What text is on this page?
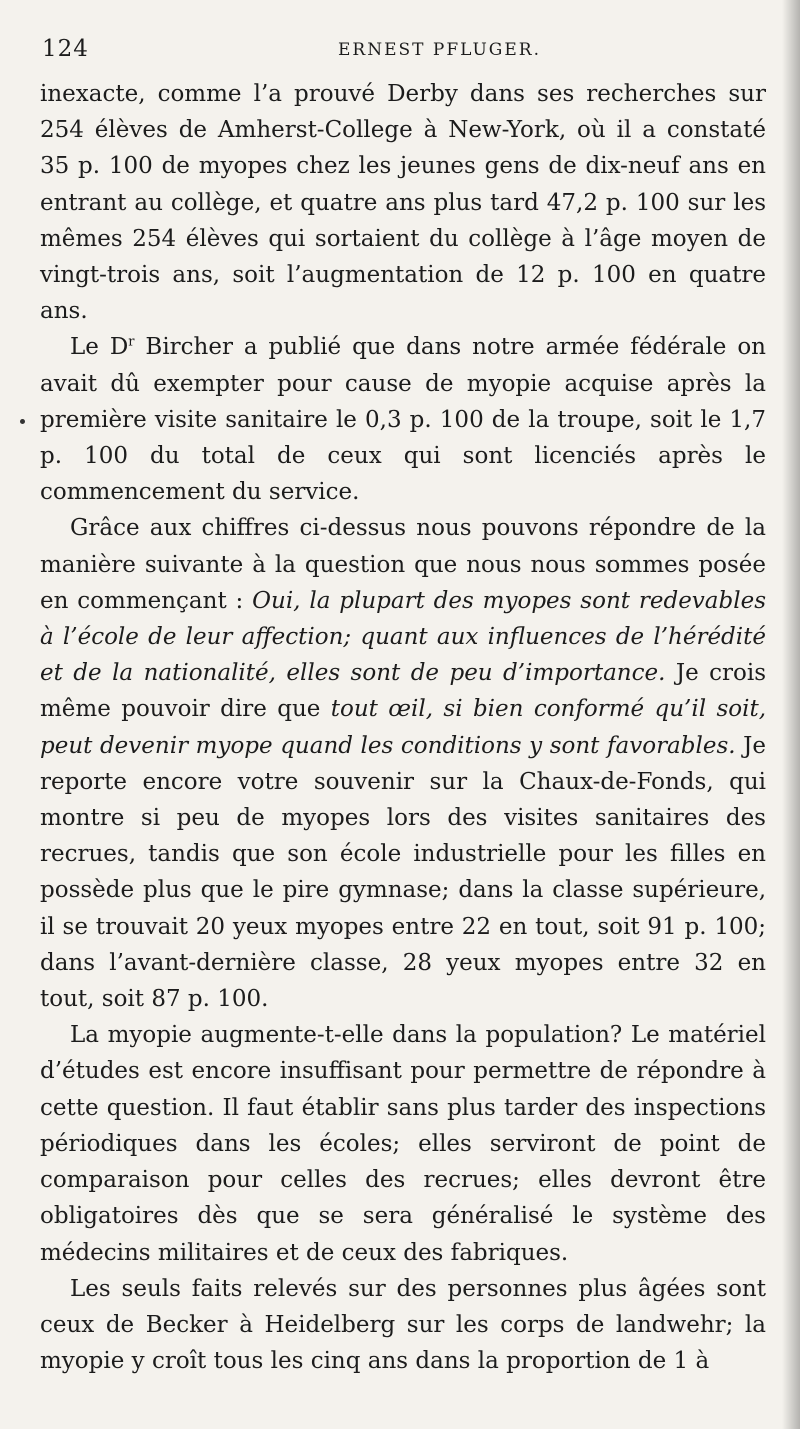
124	ERNEST PFLUGER.

inexacte, comme l’a prouvé Derby dans ses recherches sur 254 élèves de Amherst-College à New-York, où il a constaté 35 p. 100 de myopes chez les jeunes gens de dix-neuf ans en entrant au collège, et quatre ans plus tard 47,2 p. 100 sur les mêmes 254 élèves qui sortaient du collège à l’âge moyen de vingt-trois ans, soit l’augmentation de 12 p. 100 en quatre ans.

Le $D^r$ Bircher a publié que dans notre armée fédérale on avait dû exempter pour cause de myopie acquise après la première visite sanitaire le 0,3 p. 100 de la troupe, soit le 1,7 p. 100 du total de ceux qui sont licenciés après le commencement du service.

Grâce aux chiffres ci-dessus nous pouvons répondre de la manière suivante à la question que nous nous sommes posée en commençant : Oui, la plupart des myopes sont redevables à l’école de leur affection; quant aux influences de l’hérédité et de la nationalité, elles sont de peu d’importance. Je crois même pouvoir dire que tout œil, si bien conformé qu’il soit, peut devenir myope quand les conditions y sont favorables. Je reporte encore votre souvenir sur la Chaux-de-Fonds, qui montre si peu de myopes lors des visites sanitaires des recrues, tandis que son école industrielle pour les filles en possède plus que le pire gymnase; dans la classe supérieure, il se trouvait 20 yeux myopes entre 22 en tout, soit 91 p. 100; dans l’avant-dernière classe, 28 yeux myopes entre 32 en tout, soit 87 p. 100.

La myopie augmente-t-elle dans la population? Le matériel d’études est encore insuffisant pour permettre de répondre à cette question. Il faut établir sans plus tarder des inspections périodiques dans les écoles; elles serviront de point de comparaison pour celles des recrues; elles devront être obligatoires dès que se sera généralisé le système des médecins militaires et de ceux des fabriques.

Les seuls faits relevés sur des personnes plus âgées sont ceux de Becker à Heidelberg sur les corps de landwehr; la myopie y croît tous les cinq ans dans la proportion de 1 à
